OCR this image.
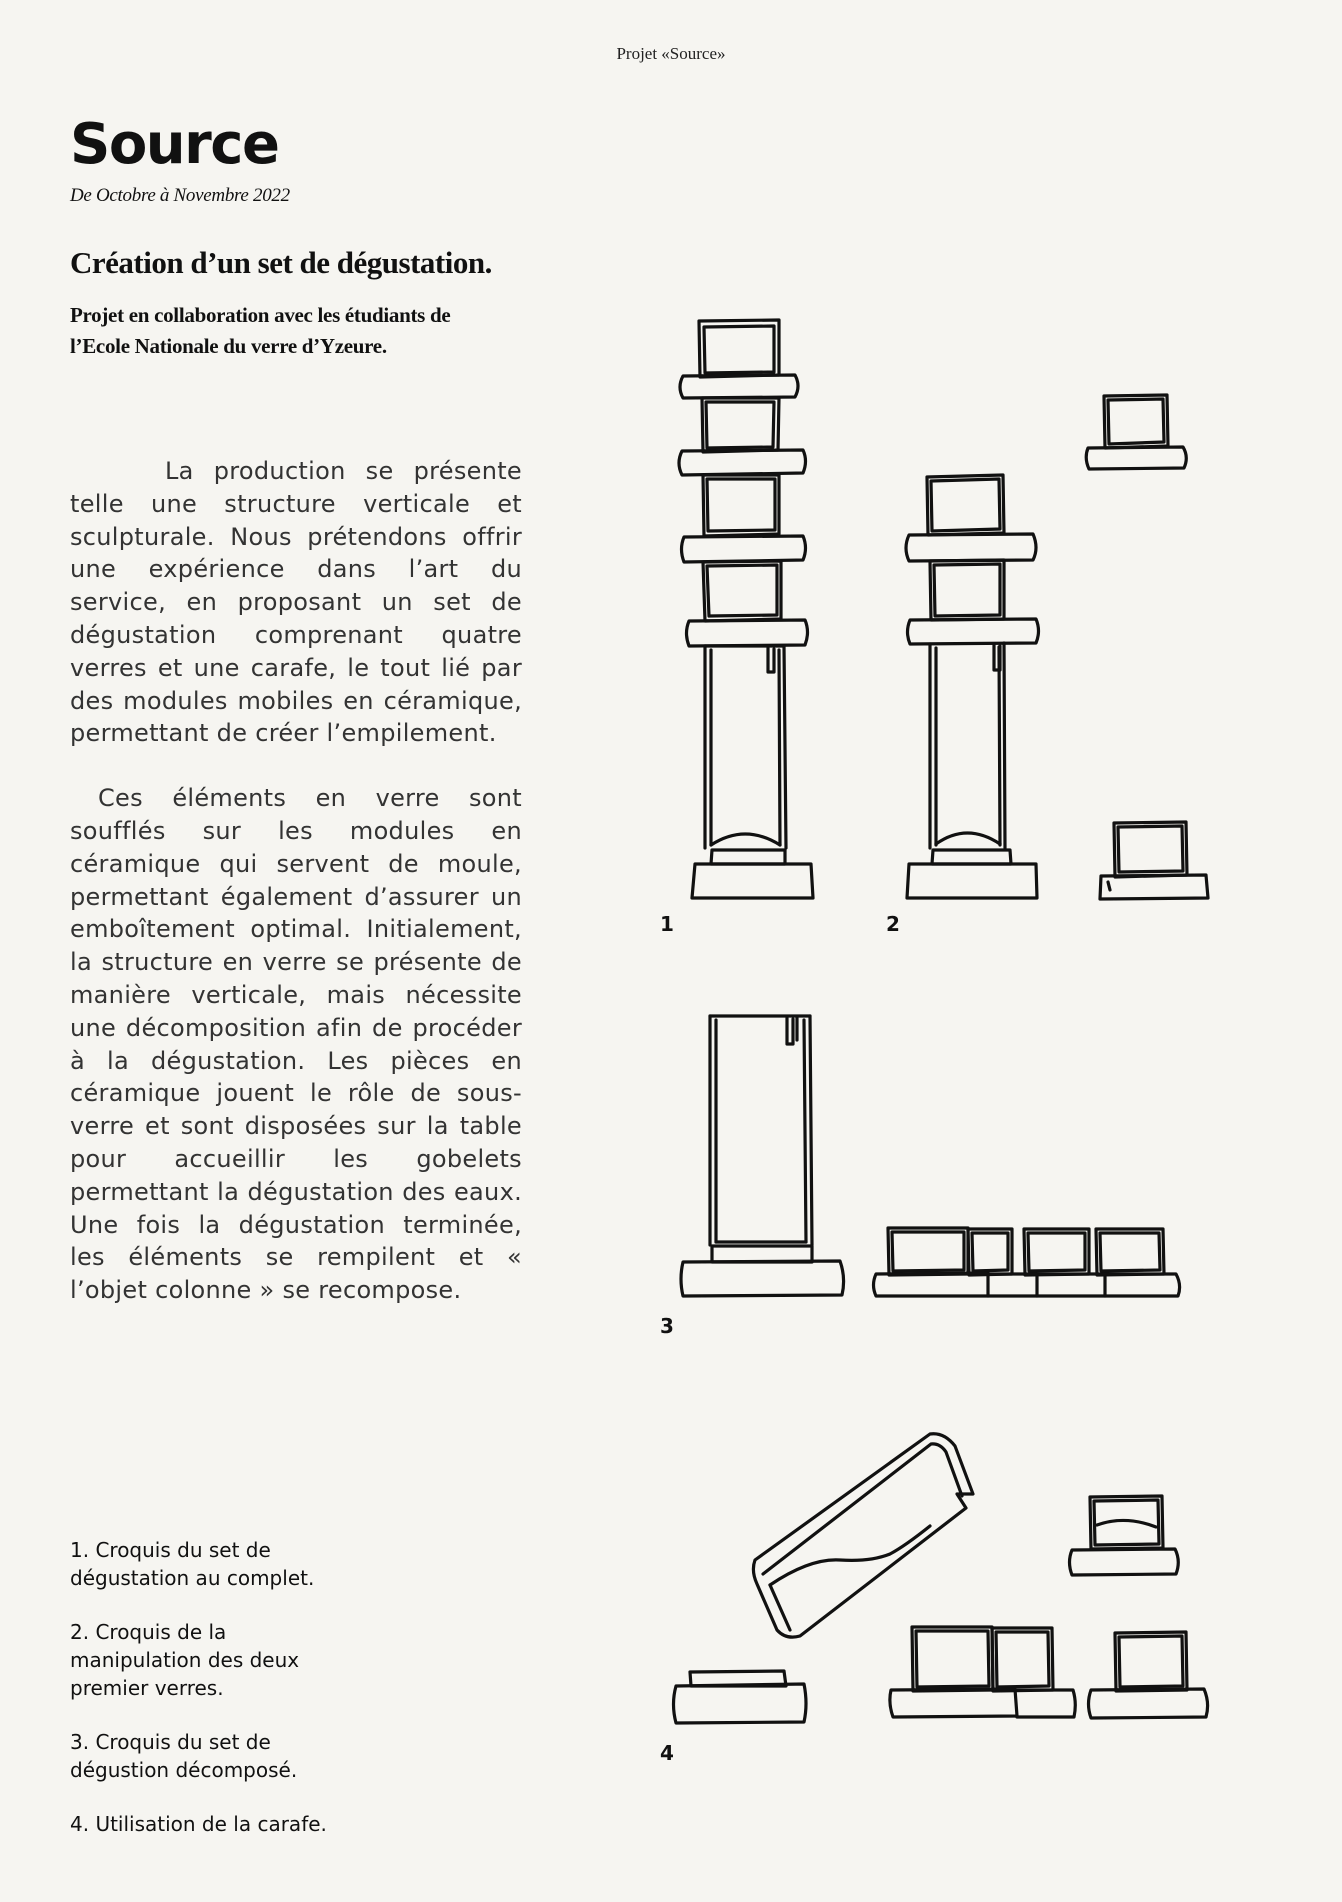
Projet «Source»
Source
De Octobre à Novembre 2022
Création d’un set de dégustation.
Projet en collaboration avec les étudiants de
l’Ecole Nationale du verre d’Yzeure.

La production se présente telle une structure verticale et sculpturale. Nous prétendons offrir une expérience dans l’art du service, en proposant un set de dégustation comprenant quatre verres et une carafe, le tout lié par des modules mobiles en céramique, permettant de créer l’empilement.

Ces éléments en verre sont soufflés sur les modules en céramique qui servent de moule, permettant également d’assurer un emboîtement optimal. Initialement, la structure en verre se présente de manière verticale, mais nécessite une décomposition afin de procéder à la dégustation. Les pièces en céramique jouent le rôle de sous-verre et sont disposées sur la table pour accueillir les gobelets permettant la dégustation des eaux. Une fois la dégustation terminée, les éléments se rempilent et « l’objet colonne » se recompose.

1. Croquis du set de
dégustation au complet.

2. Croquis de la
manipulation des deux
premier verres.

3. Croquis du set de
dégustion décomposé.

4. Utilisation de la carafe.

1	2
3
4
